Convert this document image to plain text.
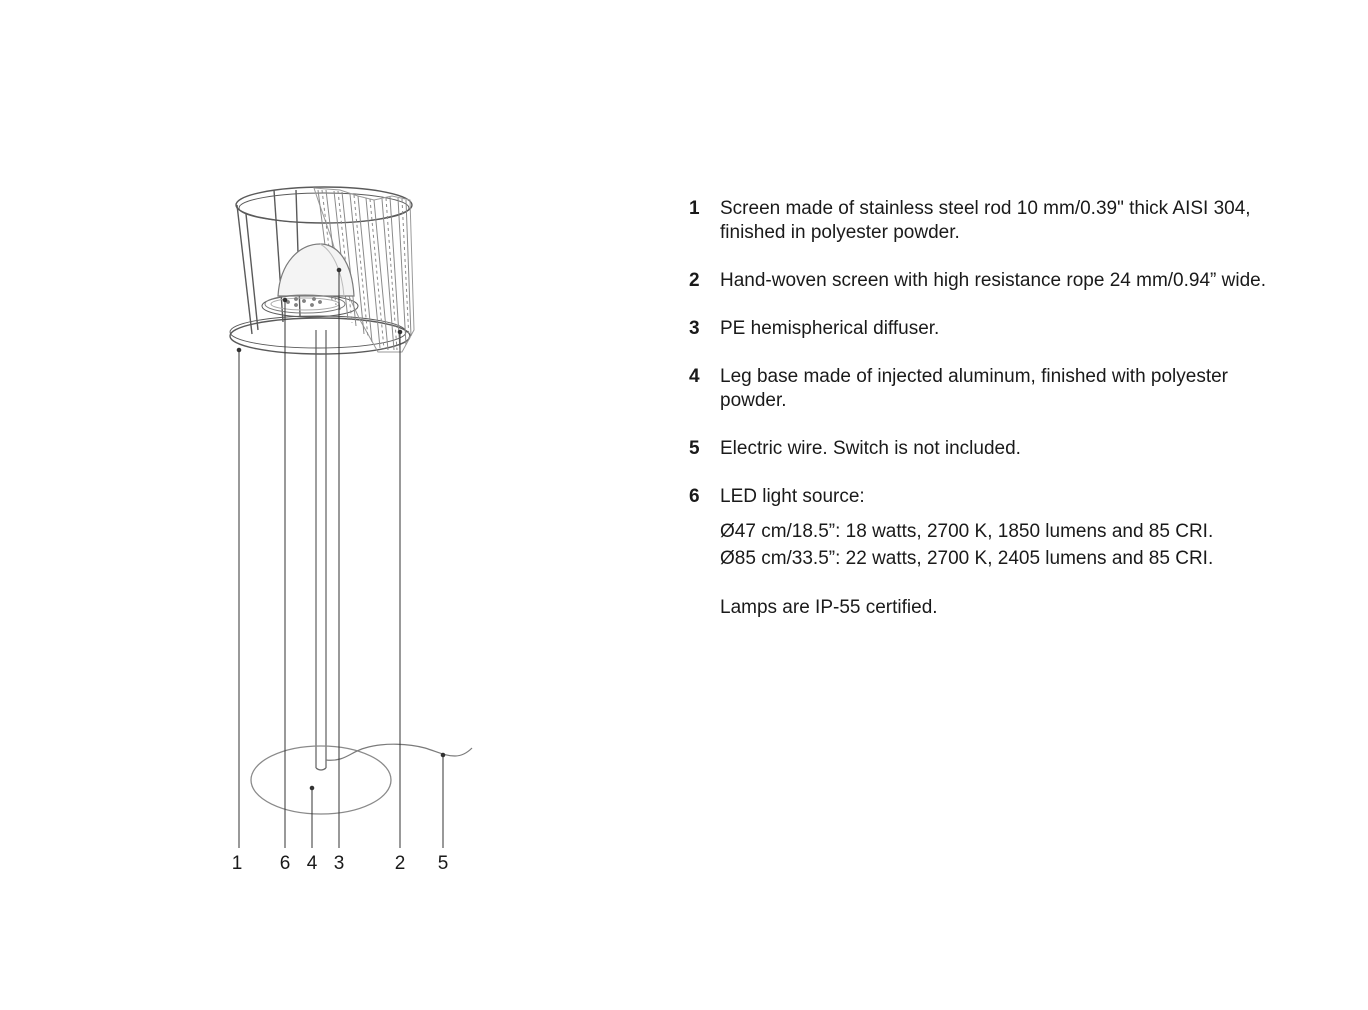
1 6 4 3	2 5
1	Screen made of stainless steel rod 10 mm/0.39" thick AISI 304, finished in polyester powder.
2	Hand-woven screen with high resistance rope 24 mm/0.94” wide.
3	PE hemispherical diffuser.
4	Leg base made of injected aluminum, finished with polyester powder.
5	Electric wire. Switch is not included.
6	LED light source:
Ø47 cm/18.5”: 18 watts, 2700 K, 1850 lumens and 85 CRI.
Ø85 cm/33.5”: 22 watts, 2700 K, 2405 lumens and 85 CRI.
Lamps are IP-55 certified.
